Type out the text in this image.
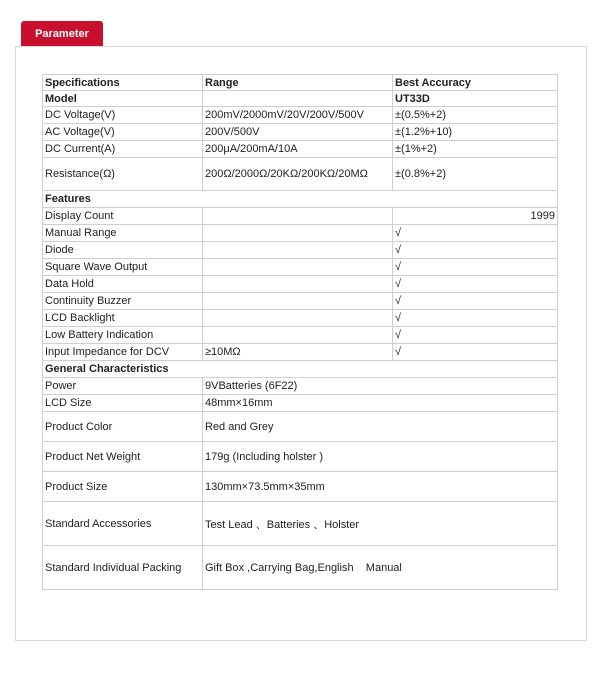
Parameter
Specifications	Range	Best Accuracy
Model		UT33D
DC Voltage(V)	200mV/2000mV/20V/200V/500V	±(0.5%+2)
AC Voltage(V)	200V/500V	±(1.2%+10)
DC Current(A)	200μA/200mA/10A	±(1%+2)
Resistance(Ω)	200Ω/2000Ω/20KΩ/200KΩ/20MΩ	±(0.8%+2)
Features		
Display Count		1999
Manual Range		√
Diode		√
Square Wave Output		√
Data Hold		√
Continuity Buzzer		√
LCD Backlight		√
Low Battery Indication		√
Input Impedance for DCV	≥10MΩ	√
General Characteristics		
Power	9VBatteries (6F22)	
LCD Size	48mm×16mm	
Product Color	Red and Grey	
Product Net Weight	179g (Including holster )	
Product Size	130mm×73.5mm×35mm	
Standard Accessories	Test Lead 、Batteries 、Holster	
Standard Individual Packing	Gift Box ,Carrying Bag,English    Manual	
